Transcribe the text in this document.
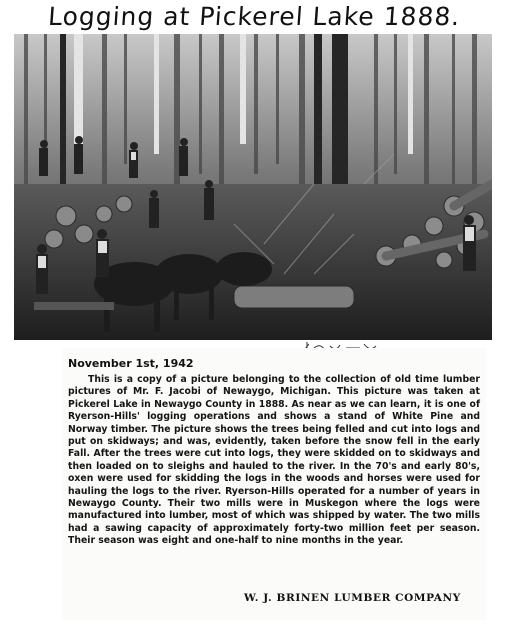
Logging at Pickerel Lake 1888.
November 1st, 1942

This is a copy of a picture belonging to the collection of old time lumber pictures of Mr. F. Jacobi of Newaygo, Michigan. This picture was taken at Pickerel Lake in Newaygo County in 1888. As near as we can learn, it is one of Ryerson-Hills' logging operations and shows a stand of White Pine and Norway timber. The picture shows the trees being felled and cut into logs and put on skidways; and was, evidently, taken before the snow fell in the early Fall. After the trees were cut into logs, they were skidded on to skidways and then loaded on to sleighs and hauled to the river. In the 70's and early 80's, oxen were used for skidding the logs in the woods and horses were used for hauling the logs to the river. Ryerson-Hills operated for a number of years in Newaygo County. Their two mills were in Muskegon where the logs were manufactured into lumber, most of which was shipped by water. The two mills had a sawing capacity of approximately forty-two million feet per season. Their season was eight and one-half to nine months in the year.

W. J. BRINEN LUMBER COMPANY
